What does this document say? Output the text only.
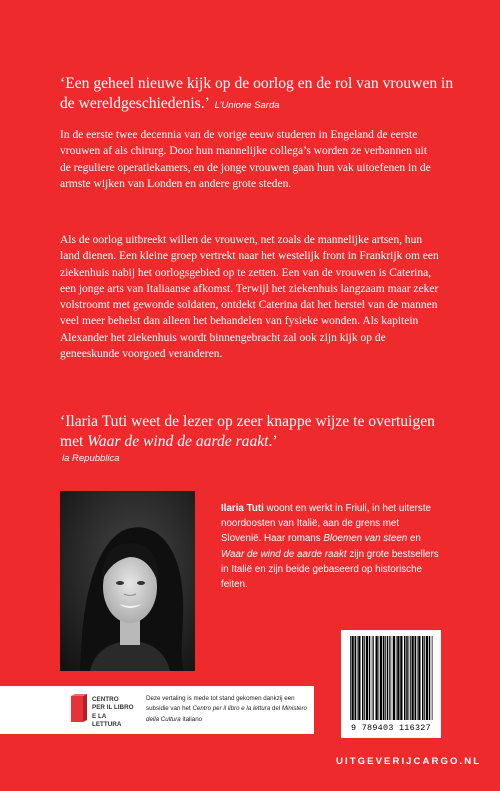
‘Een geheel nieuwe kijk op de oorlog en de rol van vrouwen in de wereldgeschiedenis.’ L’Unione Sarda

In de eerste twee decennia van de vorige eeuw studeren in Engeland de eerste vrouwen af als chirurg. Door hun mannelijke collega’s worden ze verbannen uit de reguliere operatiekamers, en de jonge vrouwen gaan hun vak uitoefenen in de armste wijken van Londen en andere grote steden.

Als de oorlog uitbreekt willen de vrouwen, net zoals de mannelijke artsen, hun land dienen. Een kleine groep vertrekt naar het westelijk front in Frankrijk om een ziekenhuis nabij het oorlogsgebied op te zetten. Een van de vrouwen is Caterina, een jonge arts van Italiaanse afkomst. Terwijl het ziekenhuis langzaam maar zeker volstroomt met gewonde soldaten, ontdekt Caterina dat het herstel van de mannen veel meer behelst dan alleen het behandelen van fysieke wonden. Als kapitein Alexander het ziekenhuis wordt binnengebracht zal ook zijn kijk op de geneeskunde voorgoed veranderen.

‘Ilaria Tuti weet de lezer op zeer knappe wijze te overtuigen met Waar de wind de aarde raakt.’
la Repubblica

Ilaria Tuti woont en werkt in Friuli, in het uiterste noordoosten van Italië, aan de grens met Slovenië. Haar romans Bloemen van steen en Waar de wind de aarde raakt zijn grote bestsellers in Italië en zijn beide gebaseerd op historische feiten.

9 789403 116327
CENTRO
PER IL LIBRO
E LA LETTURA

Deze vertaling is mede tot stand gekomen dankzij een subsidie van het Centro per il libro e la lettura del Ministero della Cultura italiano

UITGEVERIJCARGO.NL
